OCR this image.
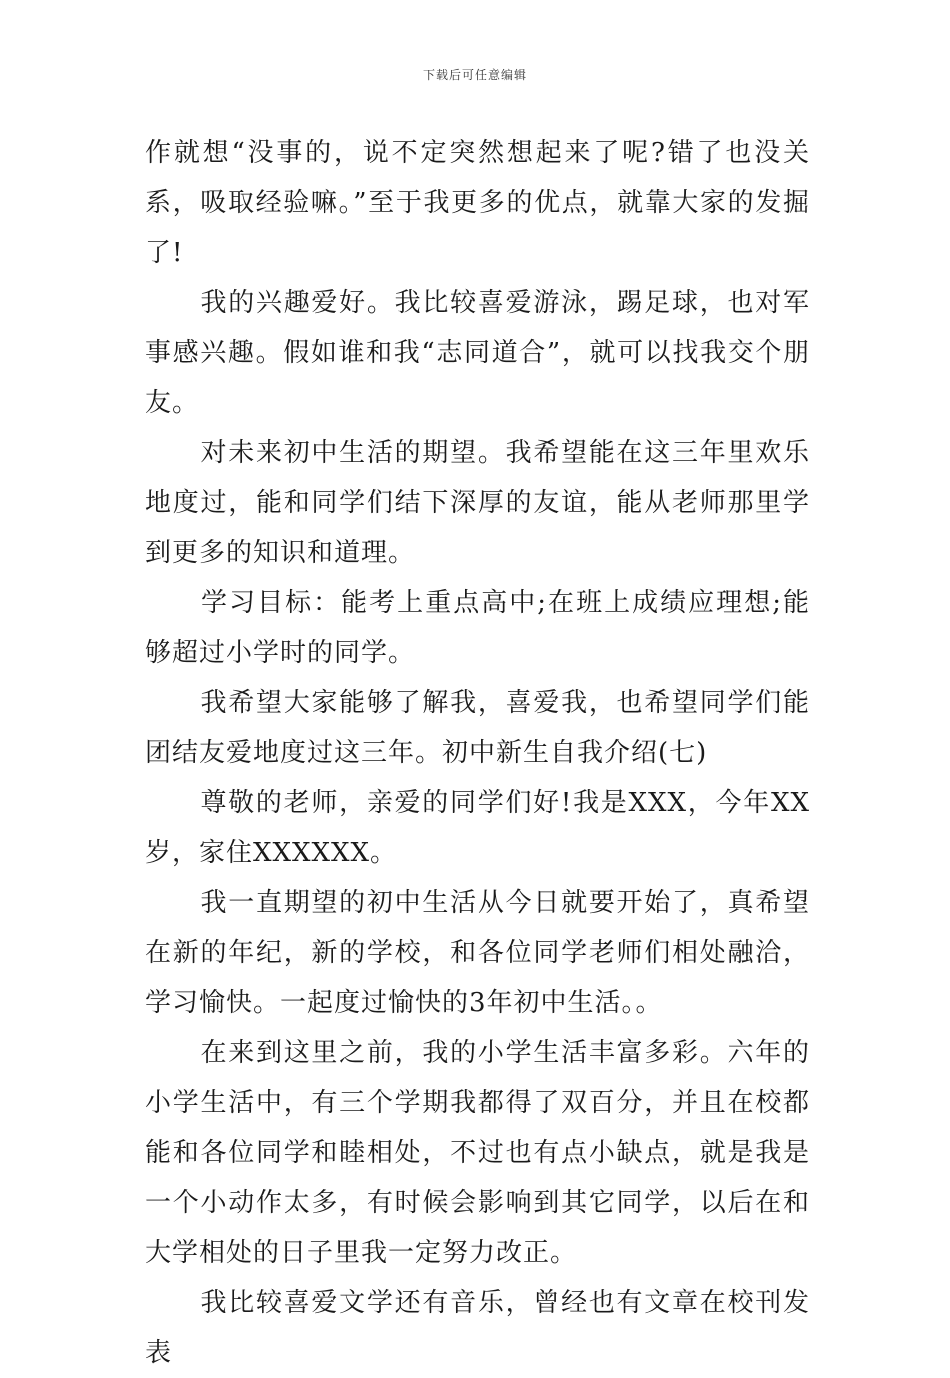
下载后可任意编辑

作就想“没事的，说不定突然想起来了呢?错了也没关系，吸取经验嘛。”至于我更多的优点，就靠大家的发掘了!

　　我的兴趣爱好。我比较喜爱游泳，踢足球，也对军事感兴趣。假如谁和我“志同道合”，就可以找我交个朋友。

　　对未来初中生活的期望。我希望能在这三年里欢乐地度过，能和同学们结下深厚的友谊，能从老师那里学到更多的知识和道理。

　　学习目标：能考上重点高中;在班上成绩应理想;能够超过小学时的同学。

　　我希望大家能够了解我，喜爱我，也希望同学们能团结友爱地度过这三年。初中新生自我介绍(七)

　　尊敬的老师，亲爱的同学们好!我是XXX，今年XX岁，家住XXXXXX。

　　我一直期望的初中生活从今日就要开始了，真希望在新的年纪，新的学校，和各位同学老师们相处融洽，学习愉快。一起度过愉快的3年初中生活。。

　　在来到这里之前，我的小学生活丰富多彩。六年的小学生活中，有三个学期我都得了双百分，并且在校都能和各位同学和睦相处，不过也有点小缺点，就是我是一个小动作太多，有时候会影响到其它同学，以后在和大学相处的日子里我一定努力改正。

　　我比较喜爱文学还有音乐，曾经也有文章在校刊发表
